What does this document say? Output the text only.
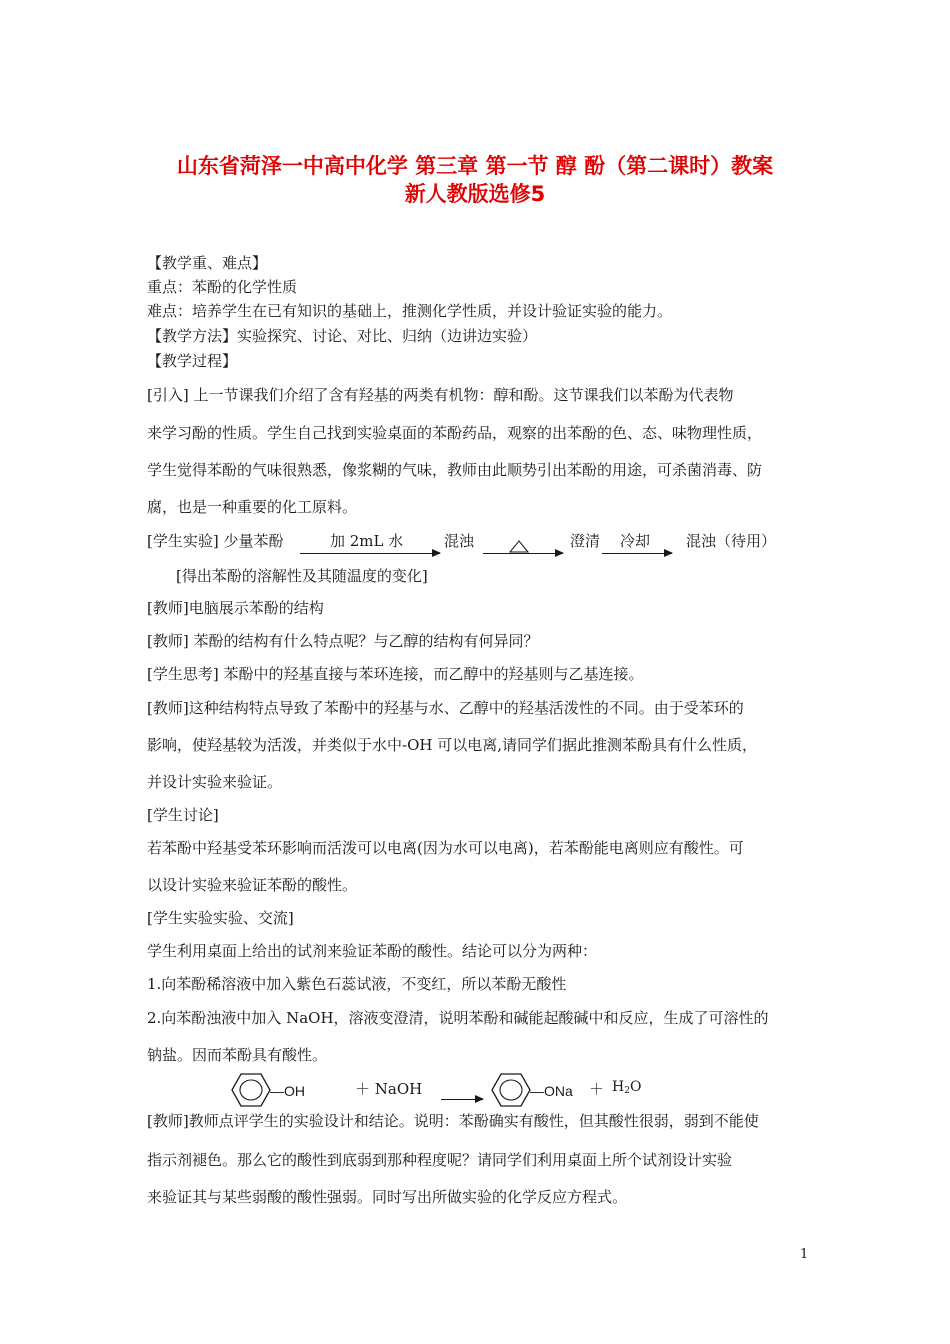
山东省菏泽一中高中化学 第三章 第一节 醇 酚（第二课时）教案
新人教版选修5
【教学重、难点】
重点：苯酚的化学性质
难点：培养学生在已有知识的基础上，推测化学性质，并设计验证实验的能力。
【教学方法】实验探究、讨论、对比、归纳（边讲边实验）
【教学过程】
[引入] 上一节课我们介绍了含有羟基的两类有机物：醇和酚。这节课我们以苯酚为代表物
来学习酚的性质。学生自己找到实验桌面的苯酚药品，观察的出苯酚的色、态、味物理性质，
学生觉得苯酚的气味很熟悉，像浆糊的气味，教师由此顺势引出苯酚的用途，可杀菌消毒、防
腐，也是一种重要的化工原料。
[学生实验] 少量苯酚	加 2mL 水	混浊	澄清 冷却 混浊（待用）
[得出苯酚的溶解性及其随温度的变化]
[教师]电脑展示苯酚的结构
[教师] 苯酚的结构有什么特点呢？与乙醇的结构有何异同？
[学生思考] 苯酚中的羟基直接与苯环连接，而乙醇中的羟基则与乙基连接。
[教师]这种结构特点导致了苯酚中的羟基与水、乙醇中的羟基活泼性的不同。由于受苯环的
影响，使羟基较为活泼，并类似于水中-OH 可以电离,请同学们据此推测苯酚具有什么性质，
并设计实验来验证。
[学生讨论]
若苯酚中羟基受苯环影响而活泼可以电离(因为水可以电离)，若苯酚能电离则应有酸性。可
以设计实验来验证苯酚的酸性。
[学生实验实验、交流]
学生利用桌面上给出的试剂来验证苯酚的酸性。结论可以分为两种：
1.向苯酚稀溶液中加入紫色石蕊试液，不变红，所以苯酚无酸性
2.向苯酚浊液中加入 NaOH，溶液变澄清，说明苯酚和碱能起酸碱中和反应，生成了可溶性的
钠盐。因而苯酚具有酸性。
—OH	＋ NaOH	—ONa ＋ H2O
[教师]教师点评学生的实验设计和结论。说明：苯酚确实有酸性，但其酸性很弱，弱到不能使
指示剂褪色。那么它的酸性到底弱到那种程度呢？请同学们利用桌面上所个试剂设计实验
来验证其与某些弱酸的酸性强弱。同时写出所做实验的化学反应方程式。
1
